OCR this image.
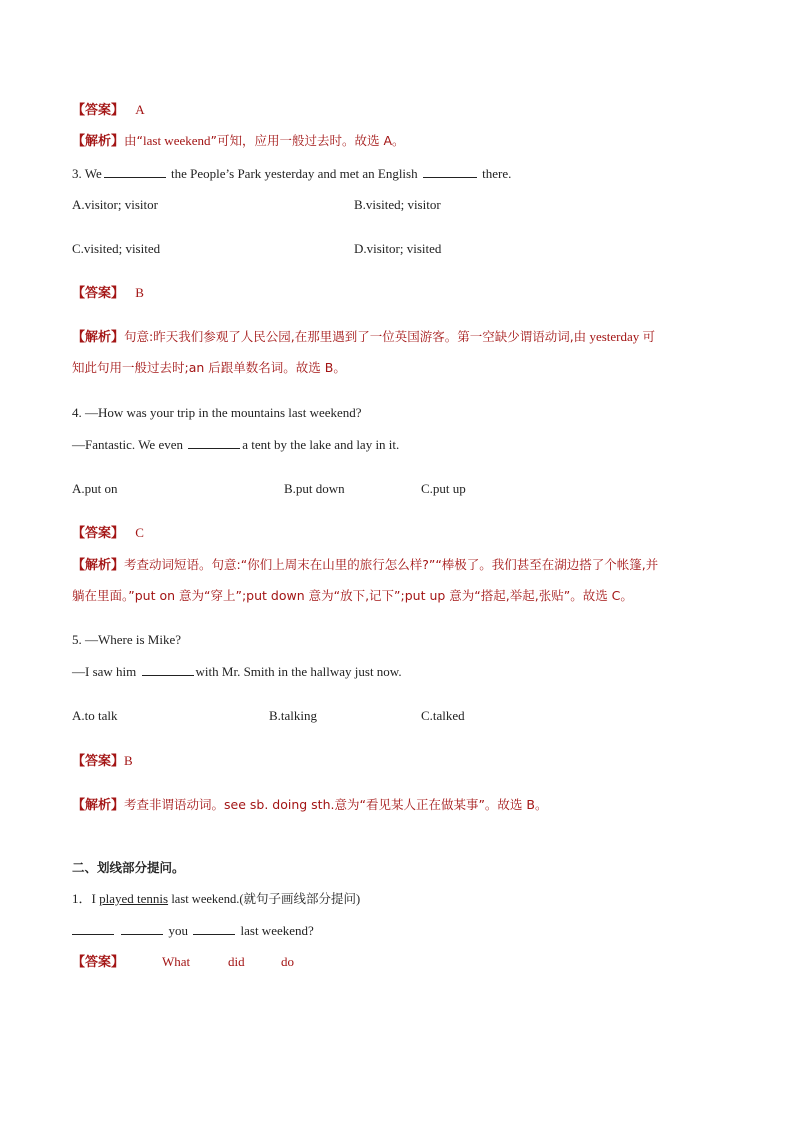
【答案】 A
【解析】由“last weekend”可知，应用一般过去时。故选 A。
3. We	the People’s Park yesterday and met an English	there.
A.visitor; visitor	B.visited; visitor
C.visited; visited	D.visitor; visited
【答案】 B
【解析】句意:昨天我们参观了人民公园,在那里遇到了一位英国游客。第一空缺少谓语动词,由 yesterday 可
知此句用一般过去时;an 后跟单数名词。故选 B。
4. —How was your trip in the mountains last weekend?
—Fantastic. We even	a tent by the lake and lay in it.
A.put on	B.put down	C.put up
【答案】 C
【解析】考查动词短语。句意:“你们上周末在山里的旅行怎么样?”“棒极了。我们甚至在湖边搭了个帐篷,并
躺在里面。”put on 意为“穿上”;put down 意为“放下,记下”;put up 意为“搭起,举起,张贴”。故选 C。
5. —Where is Mike?
—I saw him	with Mr. Smith in the hallway just now.
A.to talk	B.talking	C.talked
【答案】B
【解析】考查非谓语动词。see sb. doing sth.意为“看见某人正在做某事”。故选 B。
二、划线部分提问。
1．I played tennis last weekend.(就句子画线部分提问)
you	last weekend?
【答案】	What	did	do
